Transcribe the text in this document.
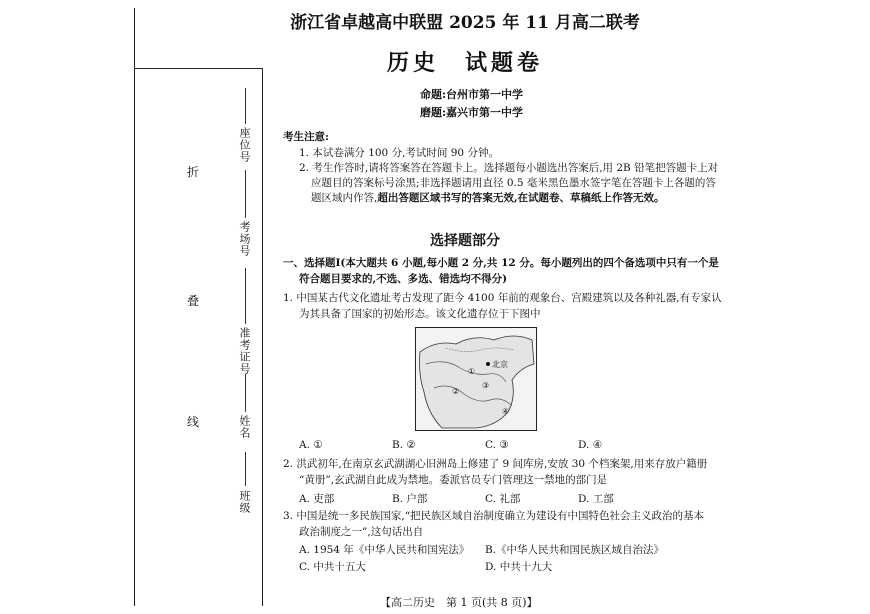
折
叠
线
座位号
考场号
准考证号
姓名
班级
浙江省卓越高中联盟 2025 年 11 月高二联考
历史　试题卷
命题:台州市第一中学
磨题:嘉兴市第一中学
考生注意:
1. 本试卷满分 100 分,考试时间 90 分钟。
2. 考生作答时,请将答案答在答题卡上。选择题每小题选出答案后,用 2B 铅笔把答题卡上对
应题目的答案标号涂黑;非选择题请用直径 0.5 毫米黑色墨水签字笔在答题卡上各题的答
题区域内作答,超出答题区域书写的答案无效,在试题卷、草稿纸上作答无效。
选择题部分
一、选择题Ⅰ(本大题共 6 小题,每小题 2 分,共 12 分。每小题列出的四个备选项中只有一个是
符合题目要求的,不选、多选、错选均不得分)
1. 中国某古代文化遗址考古发现了距今 4100 年前的观象台、宫殿建筑以及各种礼器,有专家认
为其具备了国家的初始形态。该文化遗存位于下图中
北京
①
②
③
④
A. ①	B. ②	C. ③	D. ④
2. 洪武初年,在南京玄武湖湖心旧洲岛上修建了 9 间库房,安放 30 个档案架,用来存放户籍册
“黄册”,玄武湖自此成为禁地。委派官员专门管理这一禁地的部门是
A. 吏部	B. 户部	C. 礼部	D. 工部
3. 中国是统一多民族国家,“把民族区域自治制度确立为建设有中国特色社会主义政治的基本
政治制度之一”,这句话出自
A. 1954 年《中华人民共和国宪法》 B.《中华人民共和国民族区域自治法》
C. 中共十五大	D. 中共十九大
【高二历史　第 1 页(共 8 页)】
